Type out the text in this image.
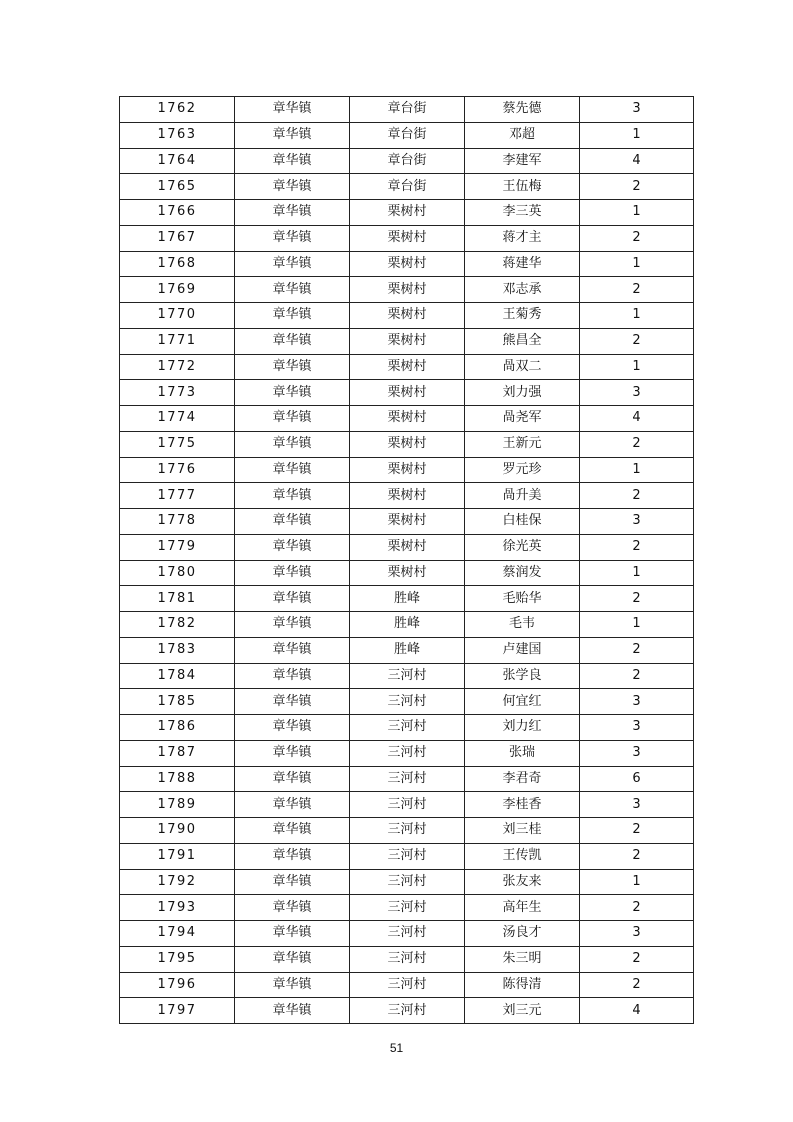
1762	章华镇	章台街	蔡先德	3
1763	章华镇	章台街	邓超	1
1764	章华镇	章台街	李建军	4
1765	章华镇	章台街	王伍梅	2
1766	章华镇	栗树村	李三英	1
1767	章华镇	栗树村	蒋才主	2
1768	章华镇	栗树村	蒋建华	1
1769	章华镇	栗树村	邓志承	2
1770	章华镇	栗树村	王菊秀	1
1771	章华镇	栗树村	熊昌全	2
1772	章华镇	栗树村	咼双二	1
1773	章华镇	栗树村	刘力强	3
1774	章华镇	栗树村	咼尧军	4
1775	章华镇	栗树村	王新元	2
1776	章华镇	栗树村	罗元珍	1
1777	章华镇	栗树村	咼升美	2
1778	章华镇	栗树村	白桂保	3
1779	章华镇	栗树村	徐光英	2
1780	章华镇	栗树村	蔡润发	1
1781	章华镇	胜峰	毛贻华	2
1782	章华镇	胜峰	毛韦	1
1783	章华镇	胜峰	卢建国	2
1784	章华镇	三河村	张学良	2
1785	章华镇	三河村	何宜红	3
1786	章华镇	三河村	刘力红	3
1787	章华镇	三河村	张瑞	3
1788	章华镇	三河村	李君奇	6
1789	章华镇	三河村	李桂香	3
1790	章华镇	三河村	刘三桂	2
1791	章华镇	三河村	王传凯	2
1792	章华镇	三河村	张友来	1
1793	章华镇	三河村	高年生	2
1794	章华镇	三河村	汤良才	3
1795	章华镇	三河村	朱三明	2
1796	章华镇	三河村	陈得清	2
1797	章华镇	三河村	刘三元	4
51
